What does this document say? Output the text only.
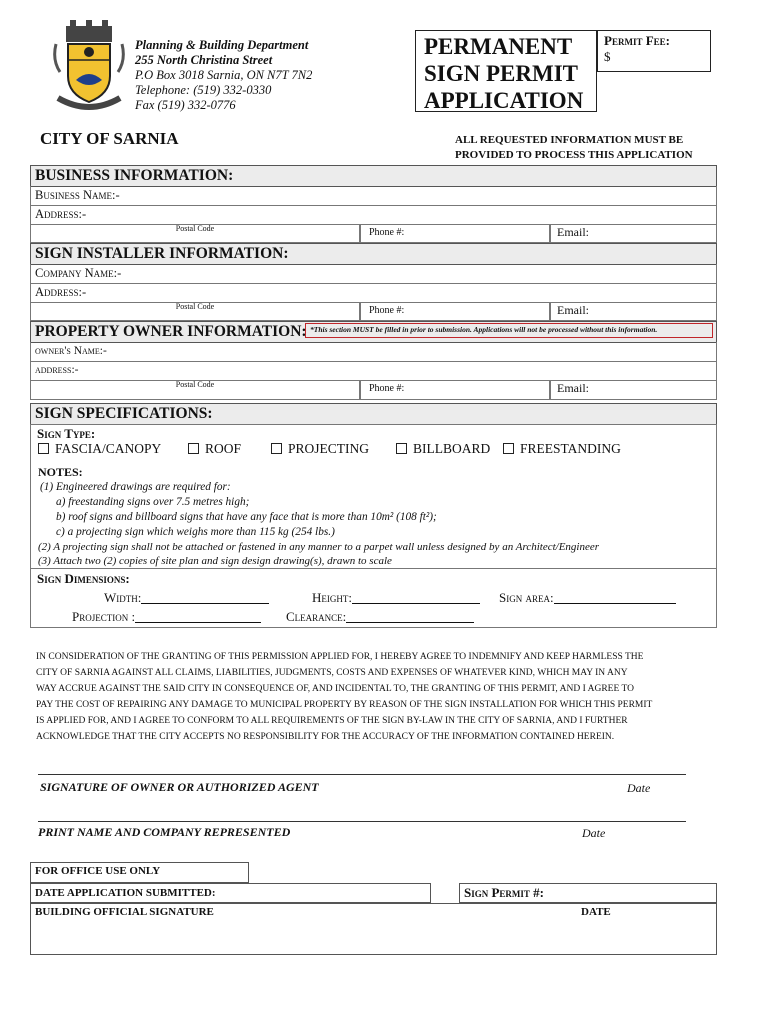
Planning & Building Department
255 North Christina Street
P.O Box 3018 Sarnia, ON N7T 7N2
Telephone: (519) 332-0330
Fax (519) 332-0776
PERMANENT
SIGN PERMIT
APPLICATION
Permit Fee:
$
CITY OF SARNIA	ALL REQUESTED INFORMATION MUST BE
PROVIDED TO PROCESS THIS APPLICATION
BUSINESS INFORMATION:
Business Name:-
Address:-
Postal Code	Phone #:	Email:
SIGN INSTALLER INFORMATION:
Company Name:-
Address:-
Postal Code	Phone #:	Email:
PROPERTY OWNER INFORMATION: *This section MUST be filled in prior to submission. Applications will not be processed without this information.
owner's Name:-
address:-
Postal Code	Phone #:	Email:
SIGN SPECIFICATIONS:
Sign Type:
FASCIA/CANOPY	ROOF	PROJECTING	BILLBOARD	FREESTANDING
NOTES:
(1) Engineered drawings are required for:
a) freestanding signs over 7.5 metres high;
b) roof signs and billboard signs that have any face that is more than 10m² (108 ft²);
c) a projecting sign which weighs more than 115 kg (254 lbs.)
(2) A projecting sign shall not be attached or fastened in any manner to a parpet wall unless designed by an Architect/Engineer
(3) Attach two (2) copies of site plan and sign design drawing(s), drawn to scale
Sign Dimensions:
Width:	Height:	Sign area:
Projection :	Clearance:
IN CONSIDERATION OF THE GRANTING OF THIS PERMISSION APPLIED FOR, I HEREBY AGREE TO INDEMNIFY AND KEEP HARMLESS THE
CITY OF SARNIA AGAINST ALL CLAIMS, LIABILITIES, JUDGMENTS, COSTS AND EXPENSES OF WHATEVER KIND, WHICH MAY IN ANY
WAY ACCRUE AGAINST THE SAID CITY IN CONSEQUENCE OF, AND INCIDENTAL TO, THE GRANTING OF THIS PERMIT, AND I AGREE TO
PAY THE COST OF REPAIRING ANY DAMAGE TO MUNICIPAL PROPERTY BY REASON OF THE SIGN INSTALLATION FOR WHICH THIS PERMIT
IS APPLIED FOR, AND I AGREE TO CONFORM TO ALL REQUIREMENTS OF THE SIGN BY-LAW IN THE CITY OF SARNIA, AND I FURTHER
ACKNOWLEDGE THAT THE CITY ACCEPTS NO RESPONSIBILITY FOR THE ACCURACY OF THE INFORMATION CONTAINED HEREIN.
SIGNATURE OF OWNER OR AUTHORIZED AGENT	Date
PRINT NAME AND COMPANY REPRESENTED	Date
FOR OFFICE USE ONLY
DATE APPLICATION SUBMITTED:	Sign Permit #:
BUILDING OFFICIAL SIGNATURE	DATE
